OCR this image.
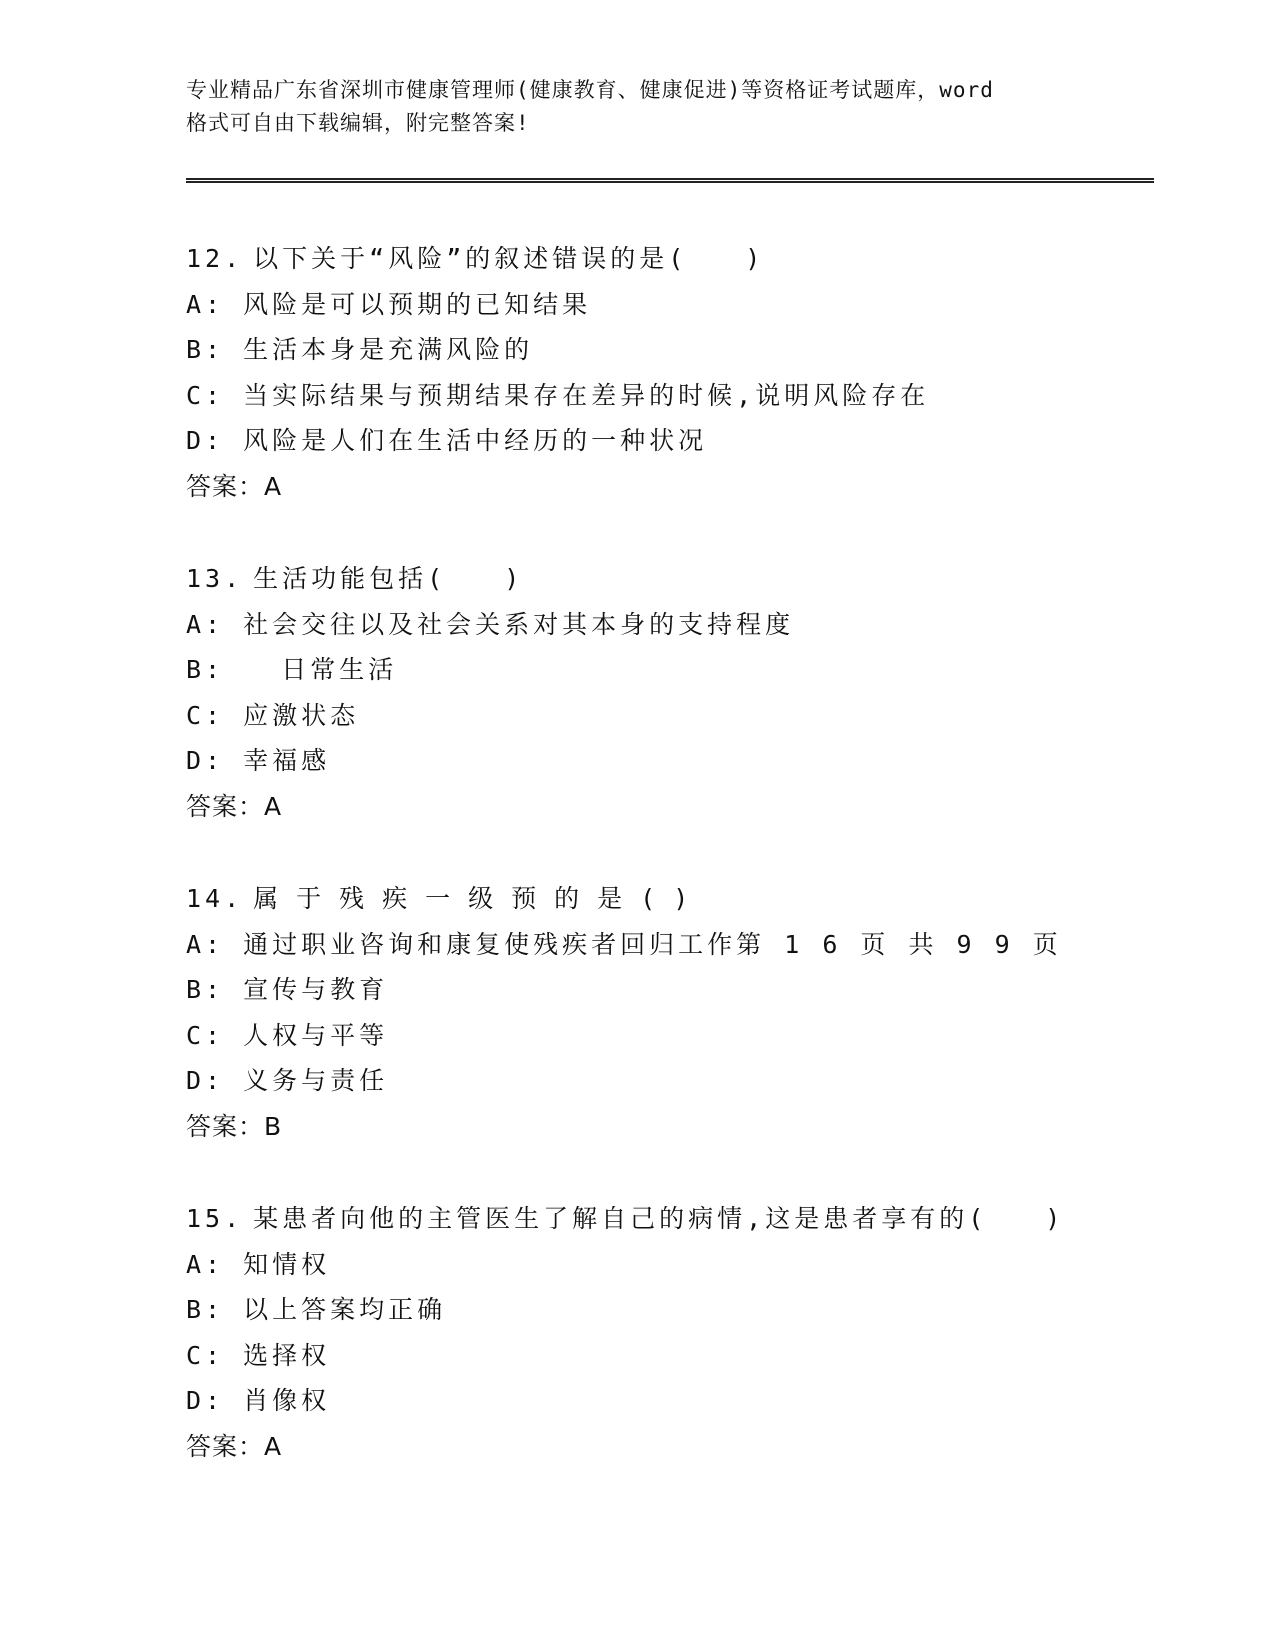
专业精品广东省深圳市健康管理师(健康教育、健康促进)等资格证考试题库，word
格式可自由下载编辑，附完整答案!
12. 以下关于“风险”的叙述错误的是(　　)
A: 风险是可以预期的已知结果
B: 生活本身是充满风险的
C: 当实际结果与预期结果存在差异的时候,说明风险存在
D: 风险是人们在生活中经历的一种状况
答案：A
13. 生活功能包括(　　)
A: 社会交往以及社会关系对其本身的支持程度
B:   日常生活
C: 应激状态
D: 幸福感
答案：A
14. 属于残疾一级预的是()
A: 通过职业咨询和康复使残疾者回归工作第 1 6 页 共 9 9 页
B: 宣传与教育
C: 人权与平等
D: 义务与责任
答案：B
15. 某患者向他的主管医生了解自己的病情,这是患者享有的(　　)
A: 知情权
B: 以上答案均正确
C: 选择权
D: 肖像权
答案：A
